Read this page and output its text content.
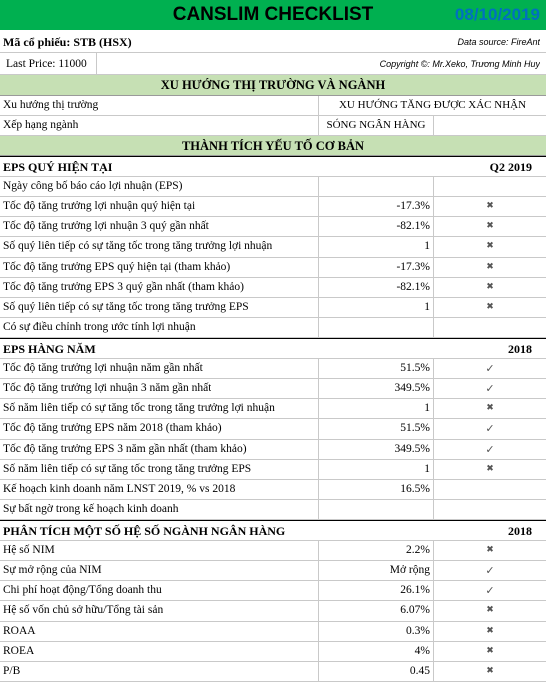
CANSLIM CHECKLIST	08/10/2019
Mã cổ phiếu: STB (HSX)	Data source: FireAnt
Last Price: 11000	Copyright ©: Mr.Xeko, Trương Minh Huy
XU HƯỚNG THỊ TRƯỜNG VÀ NGÀNH
Xu hướng thị trường	XU HƯỚNG TĂNG ĐƯỢC XÁC NHẬN
Xếp hạng ngành	SÓNG NGÂN HÀNG
THÀNH TÍCH YẾU TỐ CƠ BẢN
EPS QUÝ HIỆN TẠI	Q2 2019
Ngày công bố báo cáo lợi nhuận (EPS)
Tốc độ tăng trưởng lợi nhuận quý hiện tại	-17.3%	✖
Tốc độ tăng trưởng lợi nhuận 3 quý gần nhất	-82.1%	✖
Số quý liên tiếp có sự tăng tốc trong tăng trưởng lợi nhuận	1	✖
Tốc độ tăng trưởng EPS quý hiện tại (tham khảo)	-17.3%	✖
Tốc độ tăng trưởng EPS 3 quý gần nhất (tham khảo)	-82.1%	✖
Số quý liên tiếp có sự tăng tốc trong tăng trưởng EPS	1	✖
Có sự điều chỉnh trong ước tính lợi nhuận
EPS HÀNG NĂM	2018
Tốc độ tăng trưởng lợi nhuận năm gần nhất	51.5%	✓
Tốc độ tăng trưởng lợi nhuận 3 năm gần nhất	349.5%	✓
Số năm liên tiếp có sự tăng tốc trong tăng trưởng lợi nhuận	1	✖
Tốc độ tăng trưởng EPS năm 2018 (tham khảo)	51.5%	✓
Tốc độ tăng trưởng EPS 3 năm gần nhất (tham khảo)	349.5%	✓
Số năm liên tiếp có sự tăng tốc trong tăng trưởng EPS	1	✖
Kế hoạch kinh doanh năm LNST 2019, % vs 2018	16.5%
Sự bất ngờ trong kế hoạch kinh doanh
PHÂN TÍCH MỘT SỐ HỆ SỐ NGÀNH NGÂN HÀNG	2018
Hệ số NIM	2.2%	✖
Sự mở rộng của NIM	Mở rộng	✓
Chi phí hoạt động/Tổng doanh thu	26.1%	✓
Hệ số vốn chủ sở hữu/Tổng tài sản	6.07%	✖
ROAA	0.3%	✖
ROEA	4%	✖
P/B	0.45	✖
